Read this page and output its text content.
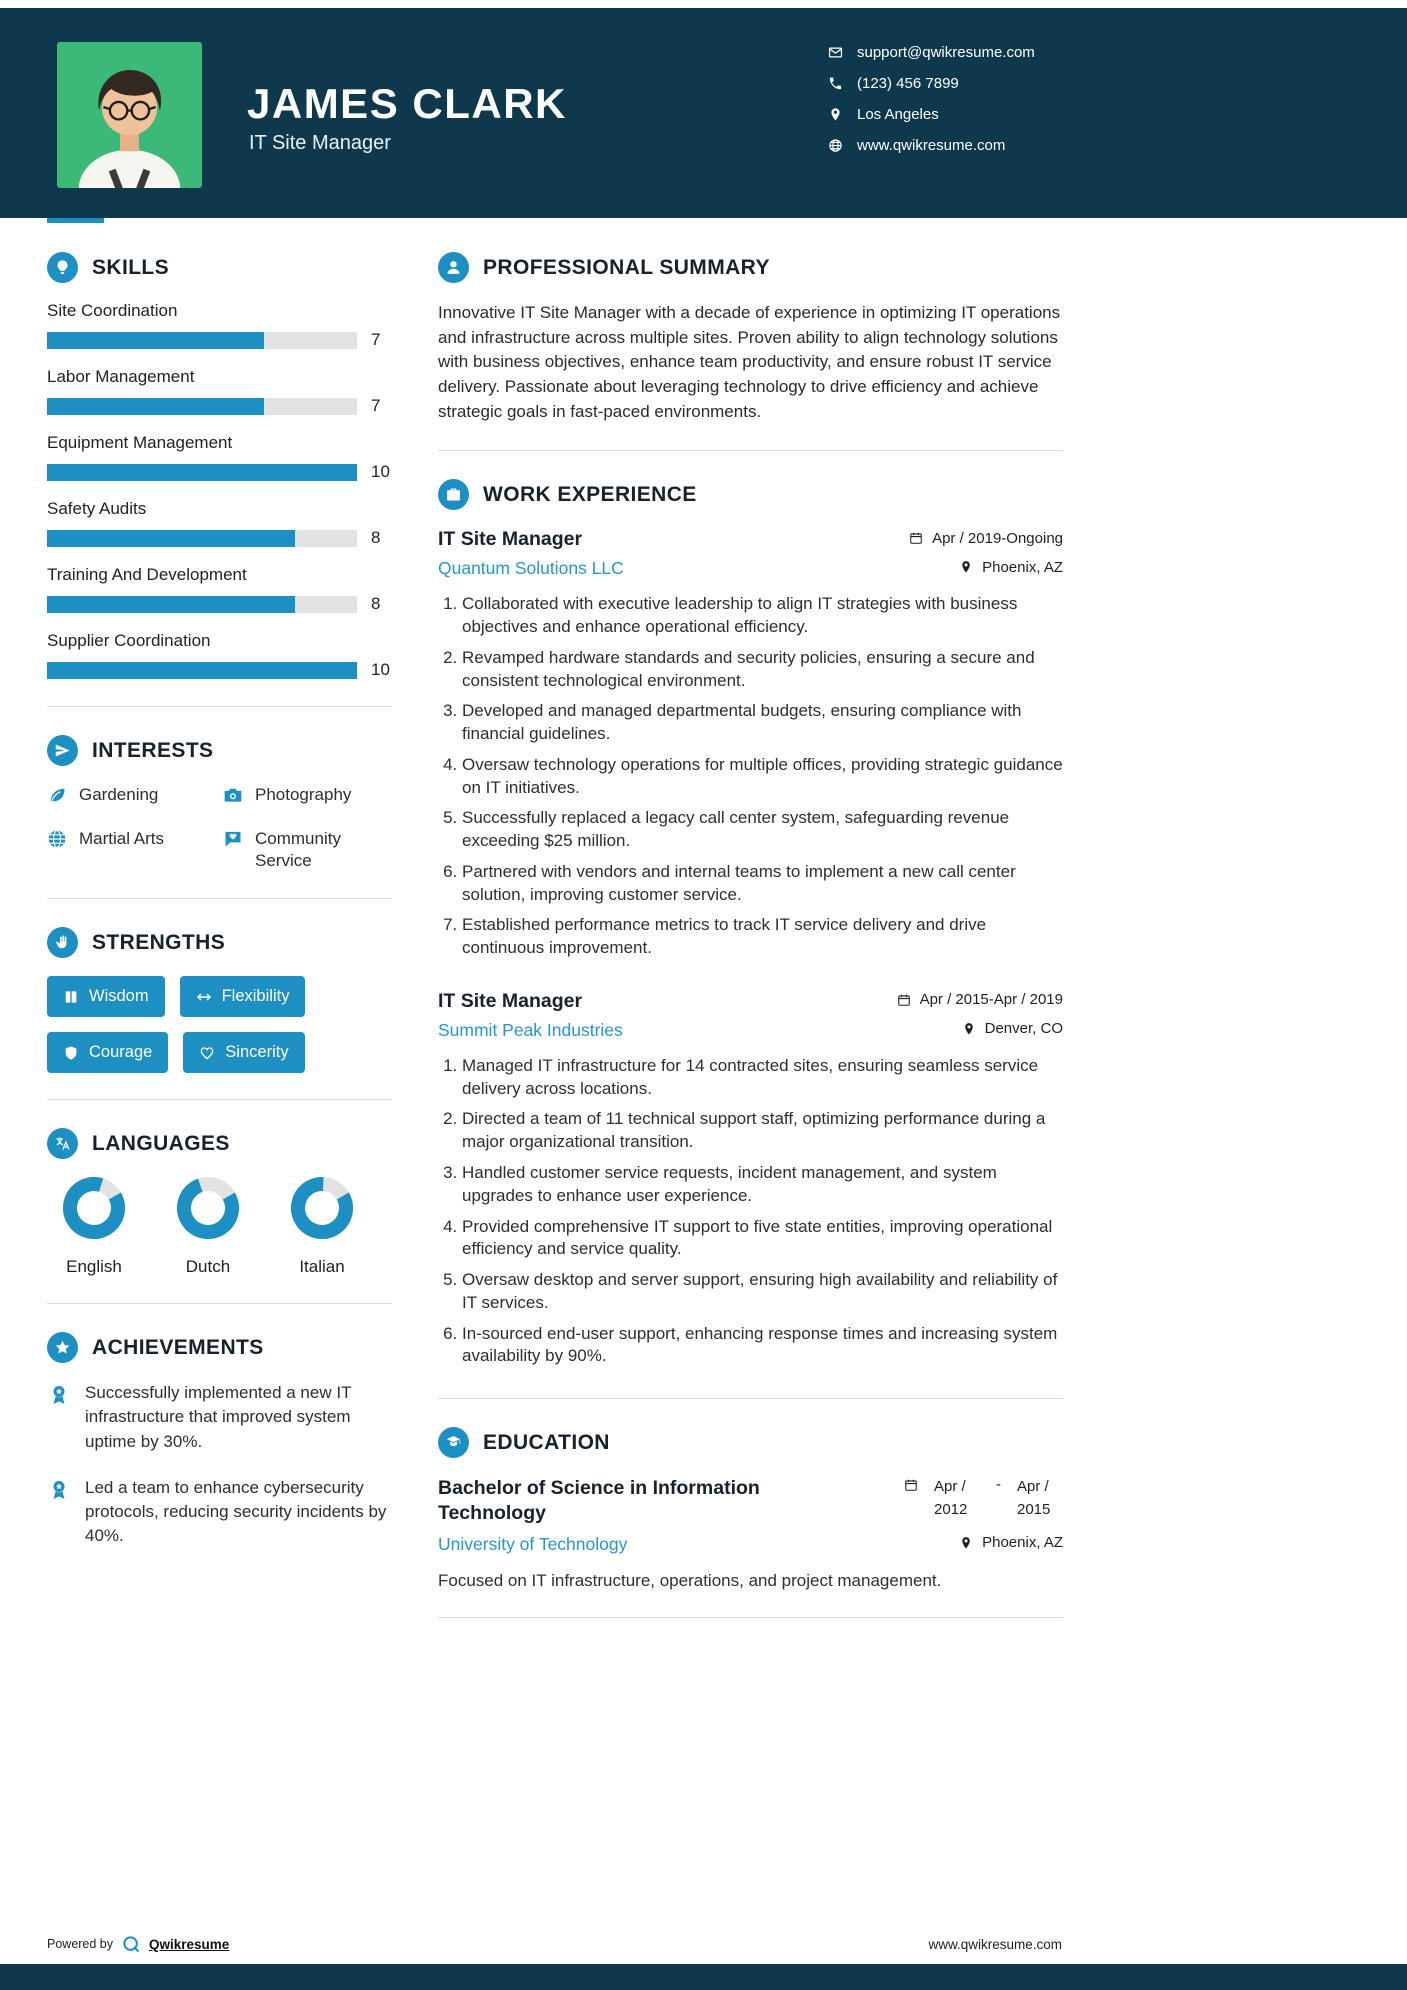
JAMES CLARK
IT Site Manager
support@qwikresume.com
(123) 456 7899
Los Angeles
www.qwikresume.com
SKILLS
Site Coordination
7
Labor Management
7
Equipment Management
10
Safety Audits
8
Training And Development
8
Supplier Coordination
10
INTERESTS
Gardening	Photography
Martial Arts	Community Service
STRENGTHS
Wisdom	Flexibility
Courage	Sincerity
LANGUAGES
English	Dutch	Italian
ACHIEVEMENTS
Successfully implemented a new IT infrastructure that improved system uptime by 30%.
Led a team to enhance cybersecurity protocols, reducing security incidents by 40%.
PROFESSIONAL SUMMARY

Innovative IT Site Manager with a decade of experience in optimizing IT operations and infrastructure across multiple sites. Proven ability to align technology solutions with business objectives, enhance team productivity, and ensure robust IT service delivery. Passionate about leveraging technology to drive efficiency and achieve strategic goals in fast-paced environments.

WORK EXPERIENCE
IT Site Manager	Apr / 2019-Ongoing
Quantum Solutions LLC	Phoenix, AZ
1. Collaborated with executive leadership to align IT strategies with business objectives and enhance operational efficiency.
2. Revamped hardware standards and security policies, ensuring a secure and consistent technological environment.
3. Developed and managed departmental budgets, ensuring compliance with financial guidelines.
4. Oversaw technology operations for multiple offices, providing strategic guidance on IT initiatives.
5. Successfully replaced a legacy call center system, safeguarding revenue exceeding $25 million.
6. Partnered with vendors and internal teams to implement a new call center solution, improving customer service.
7. Established performance metrics to track IT service delivery and drive continuous improvement.
IT Site Manager	Apr / 2015-Apr / 2019
Summit Peak Industries	Denver, CO
1. Managed IT infrastructure for 14 contracted sites, ensuring seamless service delivery across locations.
2. Directed a team of 11 technical support staff, optimizing performance during a major organizational transition.
3. Handled customer service requests, incident management, and system upgrades to enhance user experience.
4. Provided comprehensive IT support to five state entities, improving operational efficiency and service quality.
5. Oversaw desktop and server support, ensuring high availability and reliability of IT services.
6. In-sourced end-user support, enhancing response times and increasing system availability by 90%.
EDUCATION
Bachelor of Science in Information Technology
Apr / 2012
- Apr / 2015
University of Technology	Phoenix, AZ

Focused on IT infrastructure, operations, and project management.

Powered by	Qwikresume	www.qwikresume.com
